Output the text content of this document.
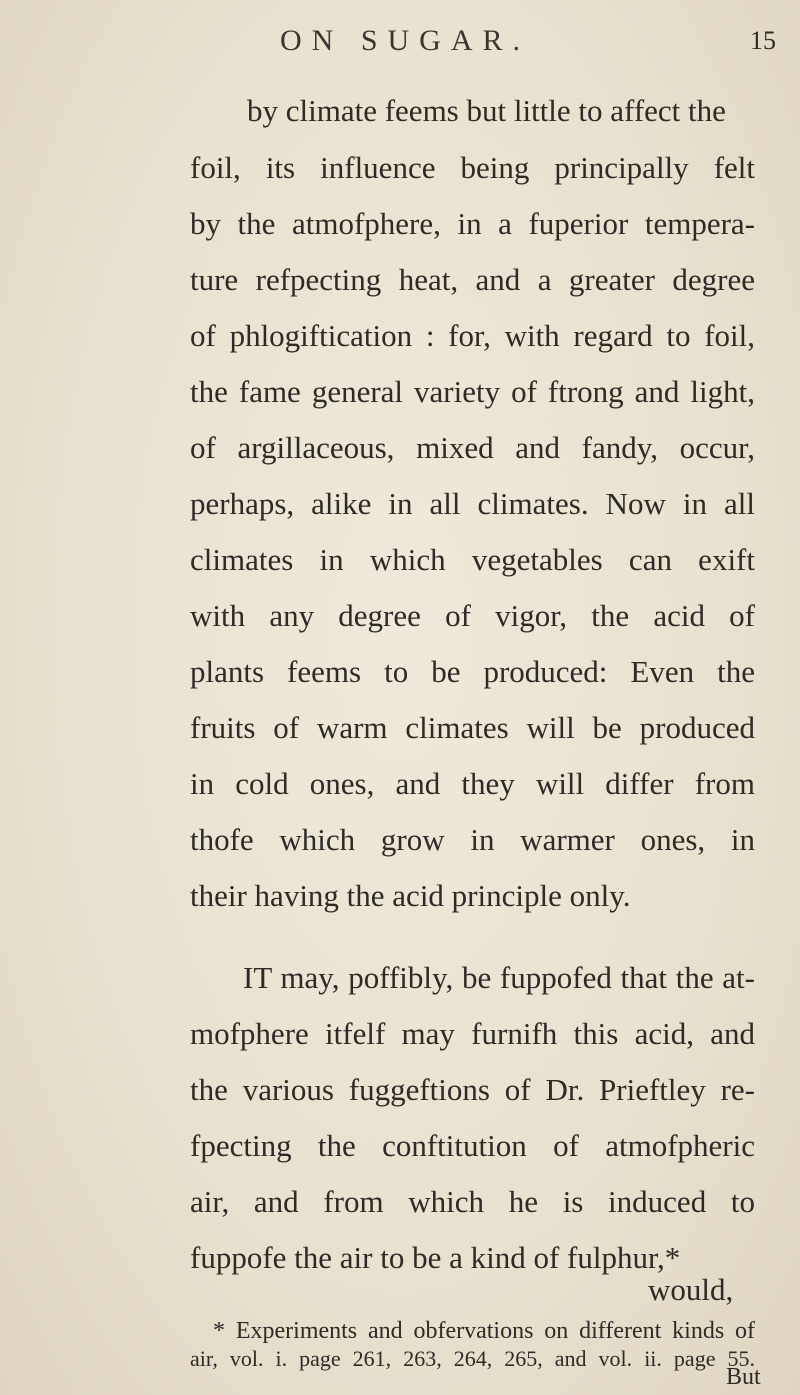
ON SUGAR.	15
by climate feems but little to affect the
foil, its influence being principally felt
by the atmofphere, in a fuperior tempera-
ture refpecting heat, and a greater degree
of phlogiftication : for, with regard to foil,
the fame general variety of ftrong and light,
of argillaceous, mixed and fandy, occur,
perhaps, alike in all climates. Now in all
climates in which vegetables can exift
with any degree of vigor, the acid of
plants feems to be produced: Even the
fruits of warm climates will be produced
in cold ones, and they will differ from
thofe which grow in warmer ones, in
their having the acid principle only.
IT may, poffibly, be fuppofed that the at-
mofphere itfelf may furnifh this acid, and
the various fuggeftions of Dr. Prieftley re-
fpecting the conftitution of atmofpheric
air, and from which he is induced to
fuppofe the air to be a kind of fulphur,*
would,
* Experiments and obfervations on different kinds of
air, vol. i. page 261, 263, 264, 265, and vol. ii. page 55.
But
